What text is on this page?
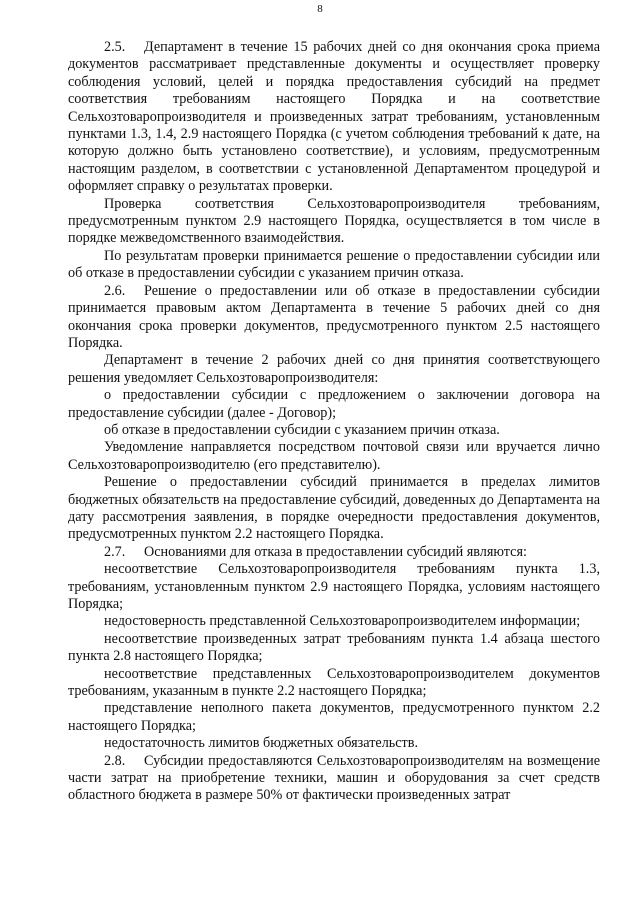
8

2.5. Департамент в течение 15 рабочих дней со дня окончания срока приема документов рассматривает представленные документы и осуществляет проверку соблюдения условий, целей и порядка предоставления субсидий на предмет соответствия требованиям настоящего Порядка и на соответствие Сельхозтоваропроизводителя и произведенных затрат требованиям, установленным пунктами 1.3, 1.4, 2.9 настоящего Порядка (с учетом соблюдения требований к дате, на которую должно быть установлено соответствие), и условиям, предусмотренным настоящим разделом, в соответствии с установленной Департаментом процедурой и оформляет справку о результатах проверки.

Проверка соответствия Сельхозтоваропроизводителя требованиям, предусмотренным пунктом 2.9 настоящего Порядка, осуществляется в том числе в порядке межведомственного взаимодействия.

По результатам проверки принимается решение о предоставлении субсидии или об отказе в предоставлении субсидии с указанием причин отказа.

2.6. Решение о предоставлении или об отказе в предоставлении субсидии принимается правовым актом Департамента в течение 5 рабочих дней со дня окончания срока проверки документов, предусмотренного пунктом 2.5 настоящего Порядка.

Департамент в течение 2 рабочих дней со дня принятия соответствующего решения уведомляет Сельхозтоваропроизводителя:

о предоставлении субсидии с предложением о заключении договора на предоставление субсидии (далее - Договор);

об отказе в предоставлении субсидии с указанием причин отказа.

Уведомление направляется посредством почтовой связи или вручается лично Сельхозтоваропроизводителю (его представителю).

Решение о предоставлении субсидий принимается в пределах лимитов бюджетных обязательств на предоставление субсидий, доведенных до Департамента на дату рассмотрения заявления, в порядке очередности предоставления документов, предусмотренных пунктом 2.2 настоящего Порядка.

2.7. Основаниями для отказа в предоставлении субсидий являются:

несоответствие Сельхозтоваропроизводителя требованиям пункта 1.3, требованиям, установленным пунктом 2.9 настоящего Порядка, условиям настоящего Порядка;

недостоверность представленной Сельхозтоваропроизводителем информации;

несоответствие произведенных затрат требованиям пункта 1.4 абзаца шестого пункта 2.8 настоящего Порядка;

несоответствие представленных Сельхозтоваропроизводителем документов требованиям, указанным в пункте 2.2 настоящего Порядка;

представление неполного пакета документов, предусмотренного пунктом 2.2 настоящего Порядка;

недостаточность лимитов бюджетных обязательств.

2.8. Субсидии предоставляются Сельхозтоваропроизводителям на возмещение части затрат на приобретение техники, машин и оборудования за счет средств областного бюджета в размере 50% от фактически произведенных затрат
